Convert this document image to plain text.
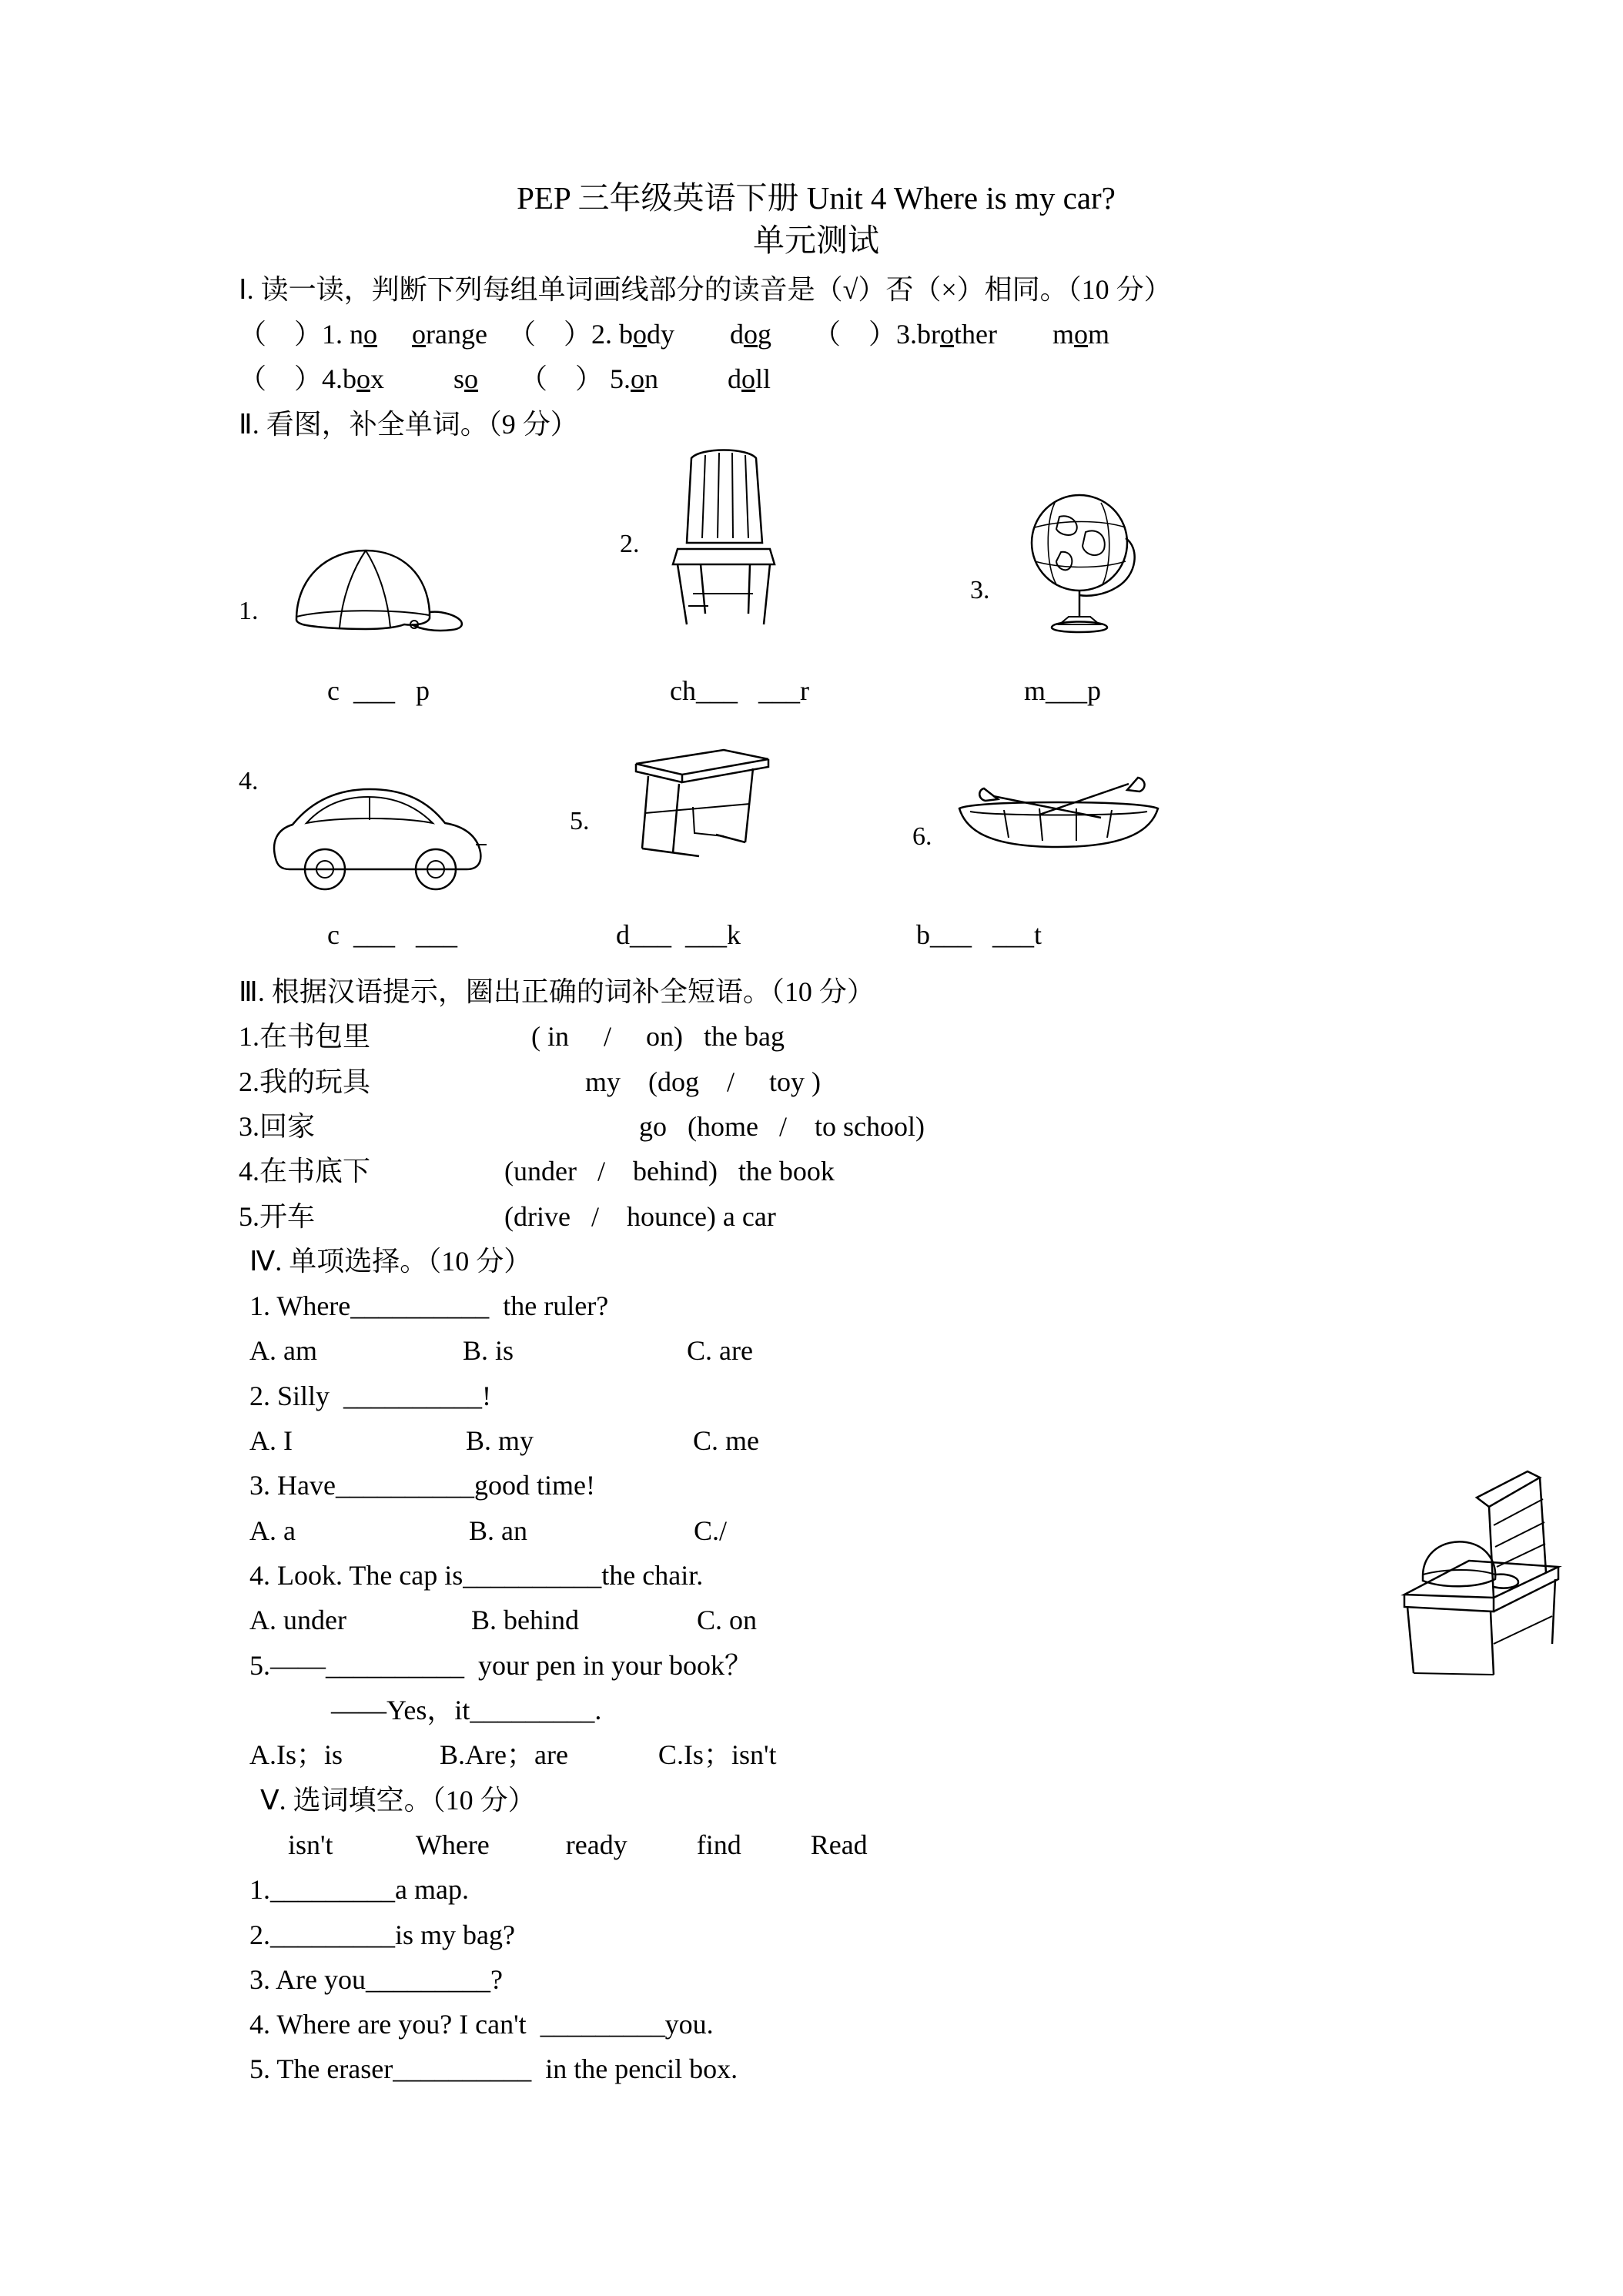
PEP 三年级英语下册 Unit 4 Where is my car?
单元测试
Ⅰ. 读一读，判断下列每组单词画线部分的读音是（√）否（×）相同。（10 分）
（    ）1. no orange （    ）2. body dog （    ）3.brother mom
（    ）4.box	so （    ） 5.on	doll
Ⅱ. 看图，补全单词。（9 分）
1.
2.
3.
c  ___   p	ch___   ___r	m___p
4.
5.
6.
c  ___   ___	d___  ___k	b___   ___t
Ⅲ. 根据汉语提示，圈出正确的词补全短语。（10 分）
1.在书包里	( in     /     on)   the bag
2.我的玩具	my    (dog    /     toy )
3.回家	go   (home   /    to school)
4.在书底下	(under   /    behind)   the book
5.开车	(drive   /    hounce) a car
Ⅳ. 单项选择。（10 分）
1. Where__________  the ruler?
A. am                     B. is                         C. are
2. Silly  __________!
A. I                         B. my                       C. me
3. Have__________good time!
A. a                         B. an                        C./
4. Look. The cap is__________the chair.
A. under                  B. behind                 C. on
5.——__________  your pen in your book？
——Yes，it_________.
A.Is；is              B.Are；are             C.Is；isn't
Ⅴ. 选词填空。（10 分）
isn't            Where           ready          find          Read
1._________a map.
2._________is my bag?
3. Are you_________?
4. Where are you? I can't  _________you.
5. The eraser__________  in the pencil box.
